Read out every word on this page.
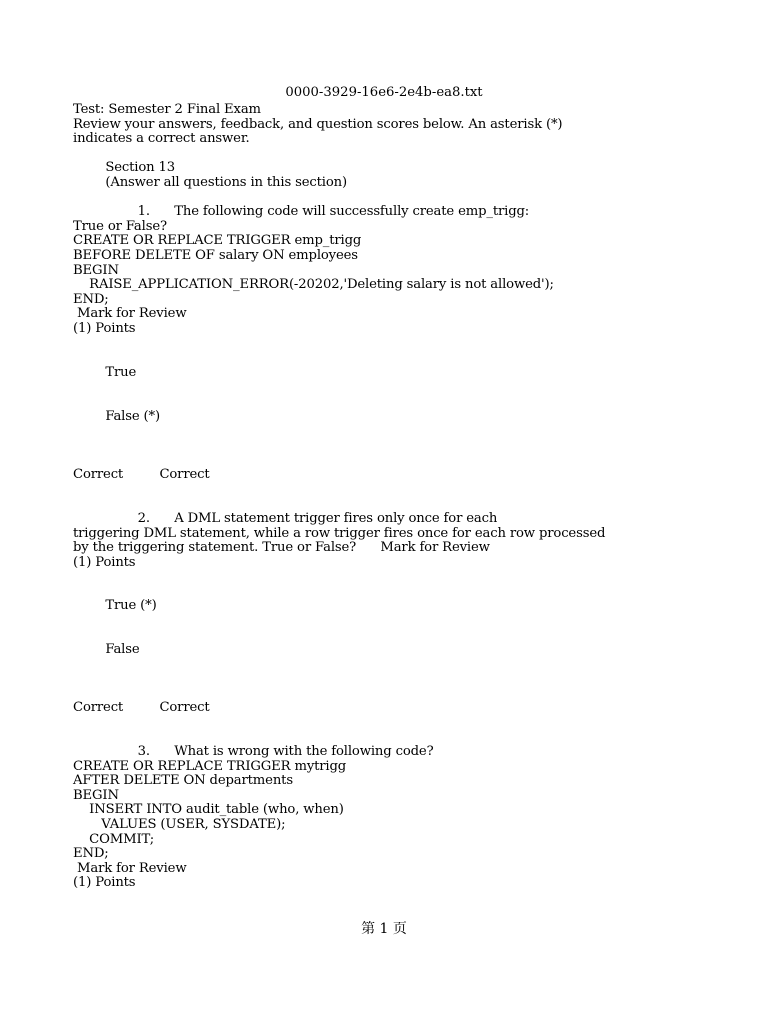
0000-3929-16e6-2e4b-ea8.txt
Test: Semester 2 Final Exam
Review your answers, feedback, and question scores below. An asterisk (*)
indicates a correct answer.
Section 13
(Answer all questions in this section)
1.      The following code will successfully create emp_trigg:
True or False?
CREATE OR REPLACE TRIGGER emp_trigg
BEFORE DELETE OF salary ON employees
BEGIN
RAISE_APPLICATION_ERROR(-20202,'Deleting salary is not allowed');
END;
Mark for Review
(1) Points
True
False (*)
Correct         Correct
2.      A DML statement trigger fires only once for each
triggering DML statement, while a row trigger fires once for each row processed
by the triggering statement. True or False?      Mark for Review
(1) Points
True (*)
False
Correct         Correct
3.      What is wrong with the following code?
CREATE OR REPLACE TRIGGER mytrigg
AFTER DELETE ON departments
BEGIN
INSERT INTO audit_table (who, when)
VALUES (USER, SYSDATE);
COMMIT;
END;
Mark for Review
(1) Points
第 1 页
